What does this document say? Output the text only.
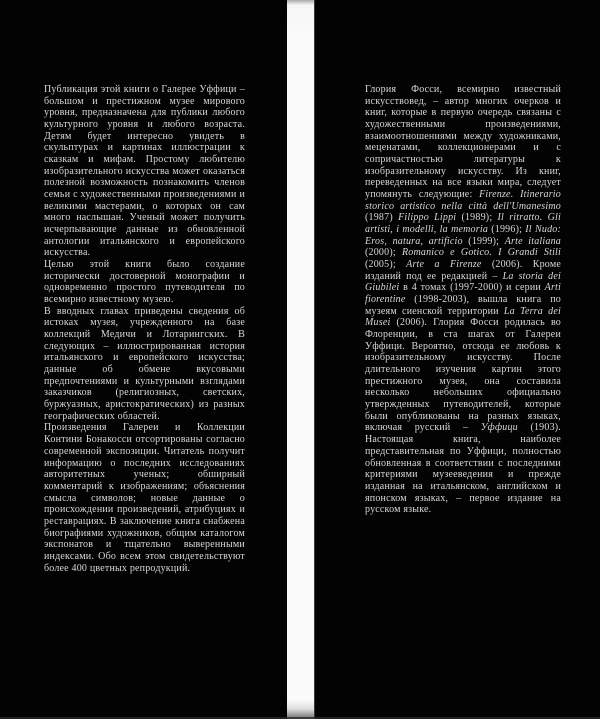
Публикация этой книги о Галерее Уффици – большом и престижном музее мирового уровня, предназначена для публики любого культурного уровня и любого возраста. Детям будет интересно увидеть в скульптурах и картинах иллюстрации к сказкам и мифам. Простому любителю изобразительного искусства может оказаться полезной возможность познакомить членов семьи с художественными произведениями и великими мастерами, о которых он сам много наслышан. Ученый может получить исчерпывающие данные из обновленной антологии итальянского и европейского искусства.

Целью этой книги было создание исторически достоверной монографии и одновременно простого путеводителя по всемирно известному музею.

В вводных главах приведены сведения об истоках музея, учрежденного на базе коллекций Медичи и Лотарингских. В следующих – иллюстрированная история итальянского и европейского искусства; данные об обмене вкусовыми предпочтениями и культурными взглядами заказчиков (религиозных, светских, буржуазных, аристократических) из разных географических областей.

Произведения Галереи и Коллекции Контини Бонакосси отсортированы согласно современной экспозиции. Читатель получит информацию о последних исследованиях авторитетных ученых; обширный комментарий к изображениям; объяснения смысла символов; новые данные о происхождении произведений, атрибуциях и реставрациях. В заключение книга снабжена биографиями художников, общим каталогом экспонатов и тщательно выверенными индексами. Обо всем этом свидетельствуют более 400 цветных репродукций.

Глория Фосси, всемирно известный искусствовед, – автор многих очерков и книг, которые в первую очередь связаны с художественными произведениями, взаимоотношениями между художниками, меценатами, коллекционерами и с сопричастностью литературы к изобразительному искусству. Из книг, переведенных на все языки мира, следует упомянуть следующие: Firenze. Itinerario storico artistico nella città dell'Umanesimo (1987) Filippo Lippi (1989); Il ritratto. Gli artisti, i modelli, la memoria (1996); Il Nudo: Eros, natura, artificio (1999); Arte italiana (2000); Romanico e Gotico. I Grandi Stili (2005); Arte a Firenze (2006). Кроме изданий под ее редакцией – La storia dei Giubilei в 4 томах (1997-2000) и серии Arti fiorentine (1998-2003), вышла книга по музеям сиенской территории La Terra dei Musei (2006). Глория Фосси родилась во Флоренции, в ста шагах от Галереи Уффици. Вероятно, отсюда ее любовь к изобразительному искусству. После длительного изучения картин этого престижного музея, она составила несколько небольших официально утвержденных путеводителей, которые были опубликованы на разных языках, включая русский – Уффици (1903). Настоящая книга, наиболее представительная по Уффици, полностью обновленная в соответствии с последними критериями музееведения и прежде изданная на итальянском, английском и японском языках, – первое издание на русском языке.
